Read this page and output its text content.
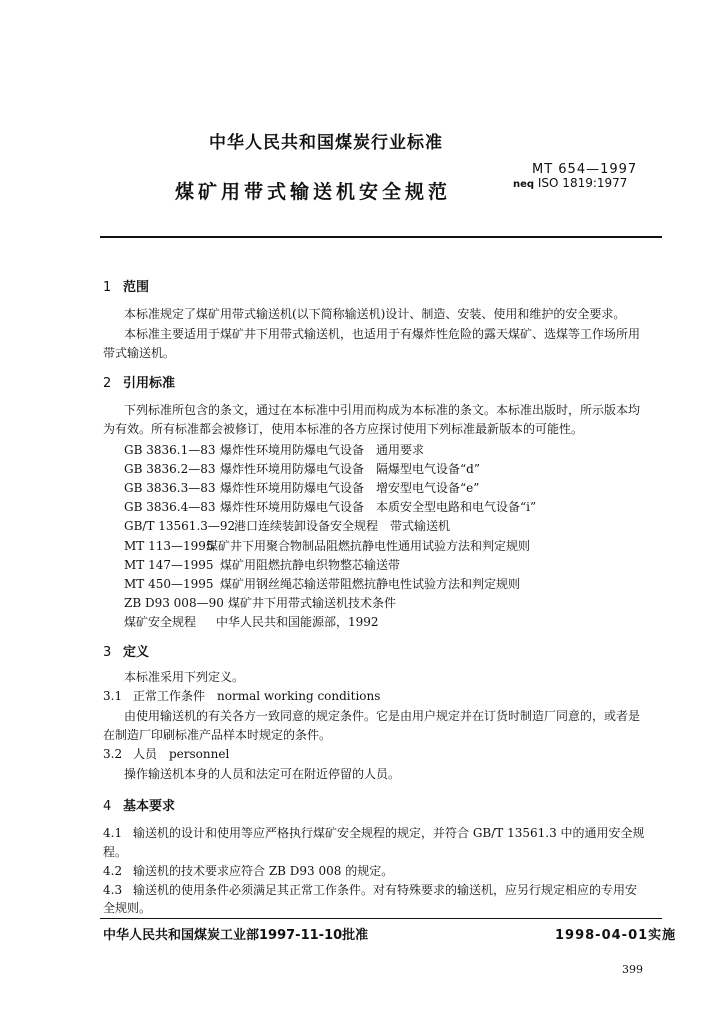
中华人民共和国煤炭行业标准
MT 654—1997
neq ISO 1819:1977
煤矿用带式输送机安全规范
1 范围
本标准规定了煤矿用带式输送机(以下简称输送机)设计、制造、安装、使用和维护的安全要求。
本标准主要适用于煤矿井下用带式输送机，也适用于有爆炸性危险的露天煤矿、选煤等工作场所用
带式输送机。
2 引用标准
下列标准所包含的条文，通过在本标准中引用而构成为本标准的条文。本标准出版时，所示版本均
为有效。所有标准都会被修订，使用本标准的各方应探讨使用下列标准最新版本的可能性。
GB 3836.1—83 爆炸性环境用防爆电气设备　通用要求
GB 3836.2—83 爆炸性环境用防爆电气设备　隔爆型电气设备“d”
GB 3836.3—83 爆炸性环境用防爆电气设备　增安型电气设备“e”
GB 3836.4—83 爆炸性环境用防爆电气设备　本质安全型电路和电气设备“i”
GB/T 13561.3—92港口连续装卸设备安全规程　带式输送机
MT 113—1995煤矿井下用聚合物制品阻燃抗静电性通用试验方法和判定规则
MT 147—1995 煤矿用阻燃抗静电织物整芯输送带
MT 450—1995 煤矿用钢丝绳芯输送带阻燃抗静电性试验方法和判定规则
ZB D93 008—90 煤矿井下用带式输送机技术条件
煤矿安全规程 中华人民共和国能源部，1992
3 定义
本标准采用下列定义。
3.1 正常工作条件　normal working conditions
由使用输送机的有关各方一致同意的规定条件。它是由用户规定并在订货时制造厂同意的，或者是
在制造厂印刷标准产品样本时规定的条件。
3.2 人员　personnel
操作输送机本身的人员和法定可在附近停留的人员。
4 基本要求
4.1 输送机的设计和使用等应严格执行煤矿安全规程的规定，并符合 GB/T 13561.3 中的通用安全规
程。
4.2 输送机的技术要求应符合 ZB D93 008 的规定。
4.3 输送机的使用条件必须满足其正常工作条件。对有特殊要求的输送机，应另行规定相应的专用安
全规则。
中华人民共和国煤炭工业部1997-11-10批准	1998-04-01实施
399
